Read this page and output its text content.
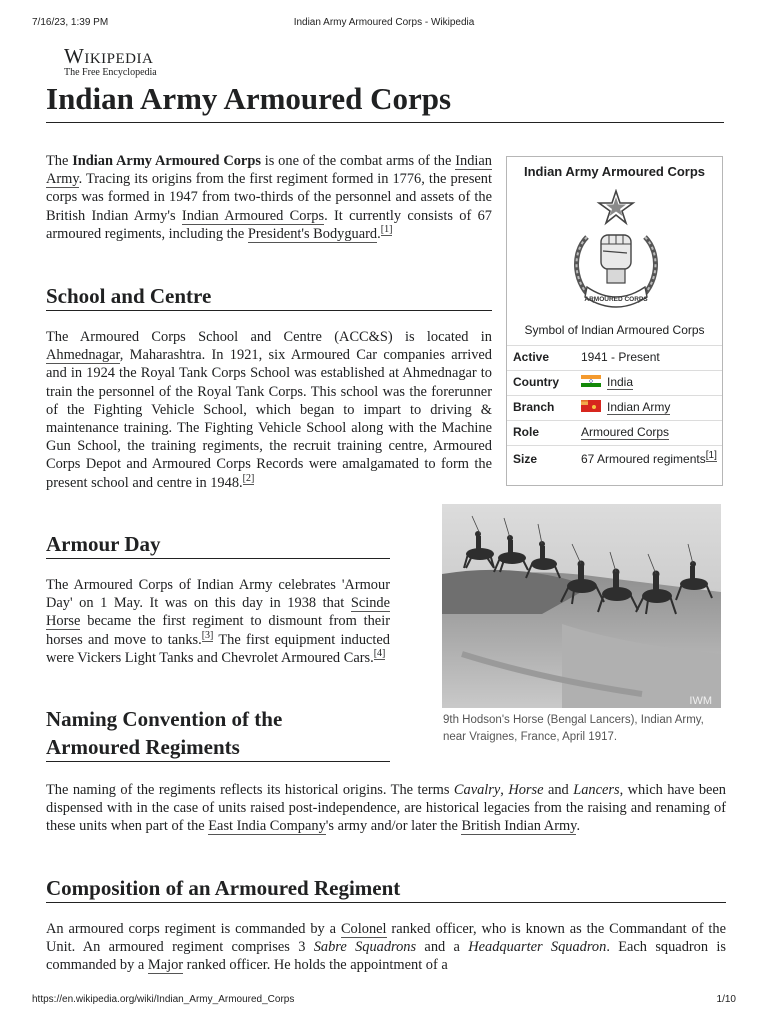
7/16/23, 1:39 PM	Indian Army Armoured Corps - Wikipedia
Wikipedia
The Free Encyclopedia
Indian Army Armoured Corps

The Indian Army Armoured Corps is one of the combat arms of the Indian Army. Tracing its origins from the first regiment formed in 1776, the present corps was formed in 1947 from two-thirds of the personnel and assets of the British Indian Army's Indian Armoured Corps. It currently consists of 67 armoured regiments, including the President's Bodyguard.[1]

School and Centre

The Armoured Corps School and Centre (ACC&S) is located in Ahmednagar, Maharashtra. In 1921, six Armoured Car companies arrived and in 1924 the Royal Tank Corps School was established at Ahmednagar to train the personnel of the Royal Tank Corps. This school was the forerunner of the Fighting Vehicle School, which began to impart to driving & maintenance training. The Fighting Vehicle School along with the Machine Gun School, the training regiments, the recruit training centre, Armoured Corps Depot and Armoured Corps Records were amalgamated to form the present school and centre in 1948.[2]

Armour Day

The Armoured Corps of Indian Army celebrates 'Armour Day' on 1 May. It was on this day in 1938 that Scinde Horse became the first regiment to dismount from their horses and move to tanks.[3] The first equipment inducted were Vickers Light Tanks and Chevrolet Armoured Cars.[4]

Naming Convention of the
Armoured Regiments

The naming of the regiments reflects its historical origins. The terms Cavalry, Horse and Lancers, which have been dispensed with in the case of units raised post-independence, are historical legacies from the raising and renaming of these units when part of the East India Company's army and/or later the British Indian Army.

Composition of an Armoured Regiment

An armoured corps regiment is commanded by a Colonel ranked officer, who is known as the Commandant of the Unit. An armoured regiment comprises 3 Sabre Squadrons and a Headquarter Squadron. Each squadron is commanded by a Major ranked officer. He holds the appointment of a

Indian Army Armoured Corps
ARMOURED CORPS
Symbol of Indian Armoured Corps
Active	1941 - Present
Country	India
Branch	Indian Army
Role	Armoured Corps
Size	67 Armoured regiments[1]
IWM
9th Hodson's Horse (Bengal Lancers), Indian Army, near Vraignes, France, April 1917.
https://en.wikipedia.org/wiki/Indian_Army_Armoured_Corps	1/10
